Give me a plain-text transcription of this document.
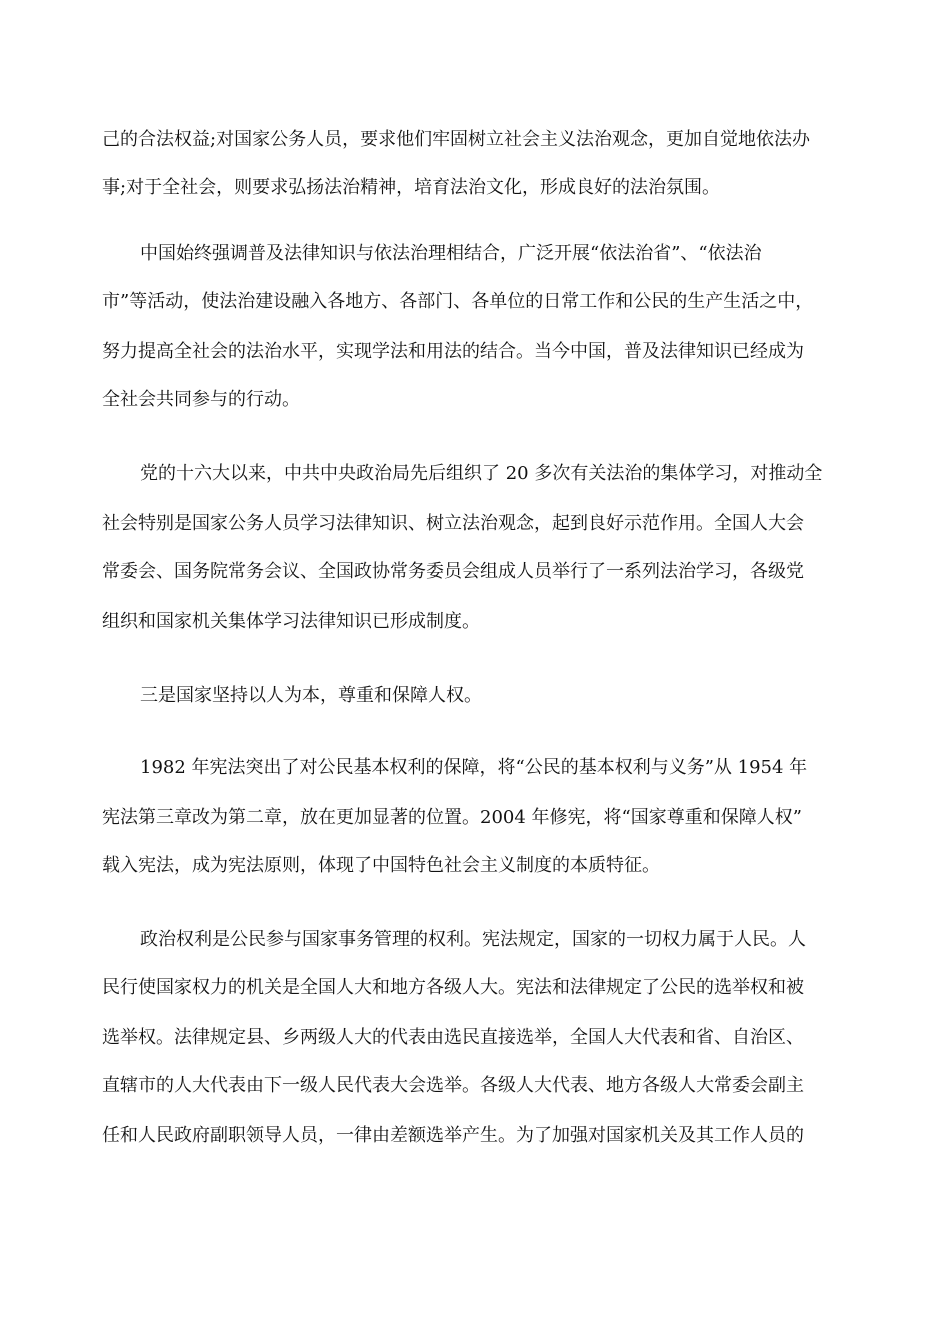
己的合法权益;对国家公务人员，要求他们牢固树立社会主义法治观念，更加自觉地依法办
事;对于全社会，则要求弘扬法治精神，培育法治文化，形成良好的法治氛围。
中国始终强调普及法律知识与依法治理相结合，广泛开展“依法治省”、“依法治
市”等活动，使法治建设融入各地方、各部门、各单位的日常工作和公民的生产生活之中，
努力提高全社会的法治水平，实现学法和用法的结合。当今中国，普及法律知识已经成为
全社会共同参与的行动。
党的十六大以来，中共中央政治局先后组织了 20 多次有关法治的集体学习，对推动全
社会特别是国家公务人员学习法律知识、树立法治观念，起到良好示范作用。全国人大会
常委会、国务院常务会议、全国政协常务委员会组成人员举行了一系列法治学习，各级党
组织和国家机关集体学习法律知识已形成制度。
三是国家坚持以人为本，尊重和保障人权。
1982 年宪法突出了对公民基本权利的保障，将“公民的基本权利与义务”从 1954 年
宪法第三章改为第二章，放在更加显著的位置。2004 年修宪，将“国家尊重和保障人权”
载入宪法，成为宪法原则，体现了中国特色社会主义制度的本质特征。
政治权利是公民参与国家事务管理的权利。宪法规定，国家的一切权力属于人民。人
民行使国家权力的机关是全国人大和地方各级人大。宪法和法律规定了公民的选举权和被
选举权。法律规定县、乡两级人大的代表由选民直接选举，全国人大代表和省、自治区、
直辖市的人大代表由下一级人民代表大会选举。各级人大代表、地方各级人大常委会副主
任和人民政府副职领导人员，一律由差额选举产生。为了加强对国家机关及其工作人员的
